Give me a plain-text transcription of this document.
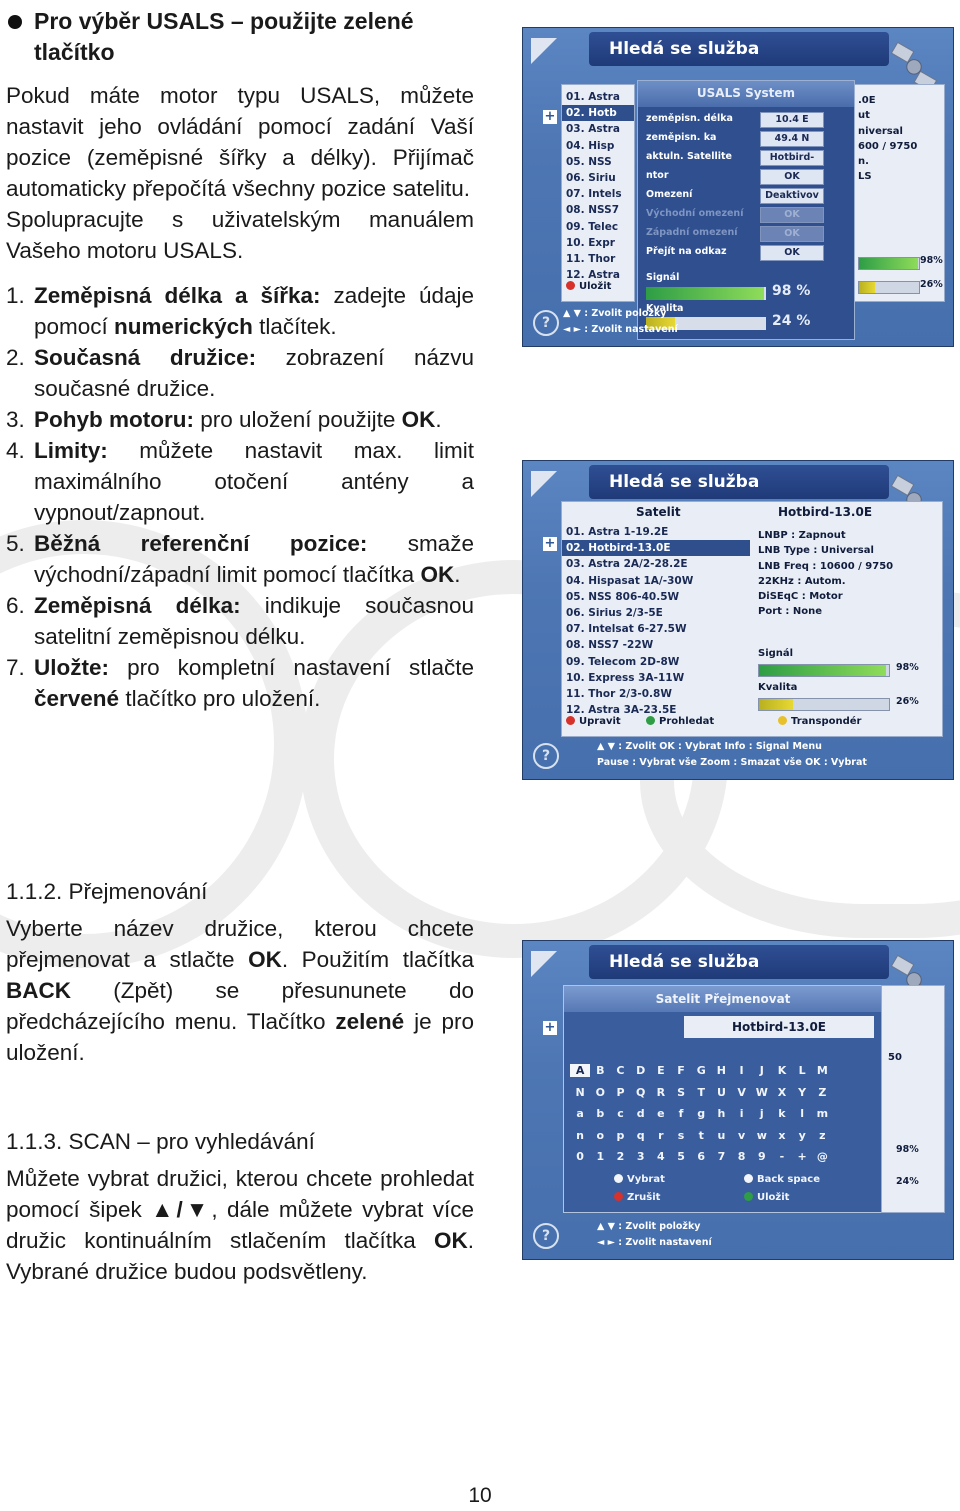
Pro výběr USALS – použijte zelené tlačítko

Pokud máte motor typu USALS, můžete nastavit jeho ovládání pomocí zadání Vaší pozice (zeměpisné šířky a délky). Přijímač automaticky přepočítá všechny pozice satelitu.

Spolupracujte s uživatelským manuálem Vašeho motoru USALS.

1. Zeměpisná délka a šířka: zadejte údaje pomocí numerických tlačítek.
2. Současná družice: zobrazení názvu současné družice.
3. Pohyb motoru: pro uložení použijte OK.
4. Limity: můžete nastavit max. limit maximálního otočení antény a vypnout/zapnout.
5. Běžná referenční pozice: smaže východní/západní limit pomocí tlačítka OK.
6. Zeměpisná délka: indikuje současnou satelitní zeměpisnou délku.
7. Uložte: pro kompletní nastavení stlačte červené tlačítko pro uložení.
Hledá se služba
+
01. Astra
02. Hotb
03. Astra
04. Hisp
05. NSS
06. Siriu
07. Intels
08. NSS7
09. Telec
10. Expr
11. Thor
12. Astra
Uložit
.0E
ut
niversal
600 / 9750
n.
LS
98%
26%
USALS System
zeměpisn. délka	10.4 E
zeměpisn. ka	49.4 N
aktuln. Satellite	Hotbird-
ntor	OK
Omezení	Deaktivov
Východní omezení	OK
Západní omezení	OK
Přejít na odkaz	OK
Signál
98 %
Kvalita
24 %
?
▲ ▼ : Zvolit položky
◄ ► : Zvolit nastavení
Hledá se služba
+
Satelit	Hotbird-13.0E
01. Astra 1-19.2E
02. Hotbird-13.0E
03. Astra 2A/2-28.2E
04. Hispasat 1A/-30W
05. NSS 806-40.5W
06. Sirius 2/3-5E
07. Intelsat 6-27.5W
08. NSS7 -22W
09. Telecom 2D-8W
10. Express 3A-11W
11. Thor 2/3-0.8W
12. Astra 3A-23.5E
LNBP : Zapnout
LNB Type : Universal
LNB Freq : 10600 / 9750
22KHz : Autom.
DiSEqC : Motor
Port : None
Signál
98%
Kvalita
26%
Upravit	Prohledat	Transpondér
?
▲ ▼ : Zvolit OK : Vybrat Info : Signal Menu
Pause : Vybrat vše Zoom : Smazat vše OK : Vybrat

1.1.2. Přejmenování

Vyberte název družice, kterou chcete přejmenovat a stlačte OK. Použitím tlačítka BACK (Zpět) se přesununete do předcházejícího menu. Tlačítko zelené je pro uložení.

Hledá se služba
+
Satelit Přejmenovat
Hotbird-13.0E
A	B	C	D	E	F	G	H	I	J	K	L	M
N O	P	Q	R	S	T	U	V W X	Y	Z
a	b	c	d	e	f	g	h	i	j	k	l	m
n	o	p	q	r	s	t	u	v	w	x	y	z
0	1	2	3	4	5	6	7	8	9	-	+ @
Vybrat	Back space
Zrušit	Uložit
50
98%
24%
?
▲ ▼ : Zvolit položky
◄ ► : Zvolit nastavení

1.1.3. SCAN – pro vyhledávání

Můžete vybrat družici, kterou chcete prohledat pomocí šipek ▲/▼, dále můžete vybrat více družic kontinuálním stlačením tlačítka OK. Vybrané družice budou podsvětleny.

10
